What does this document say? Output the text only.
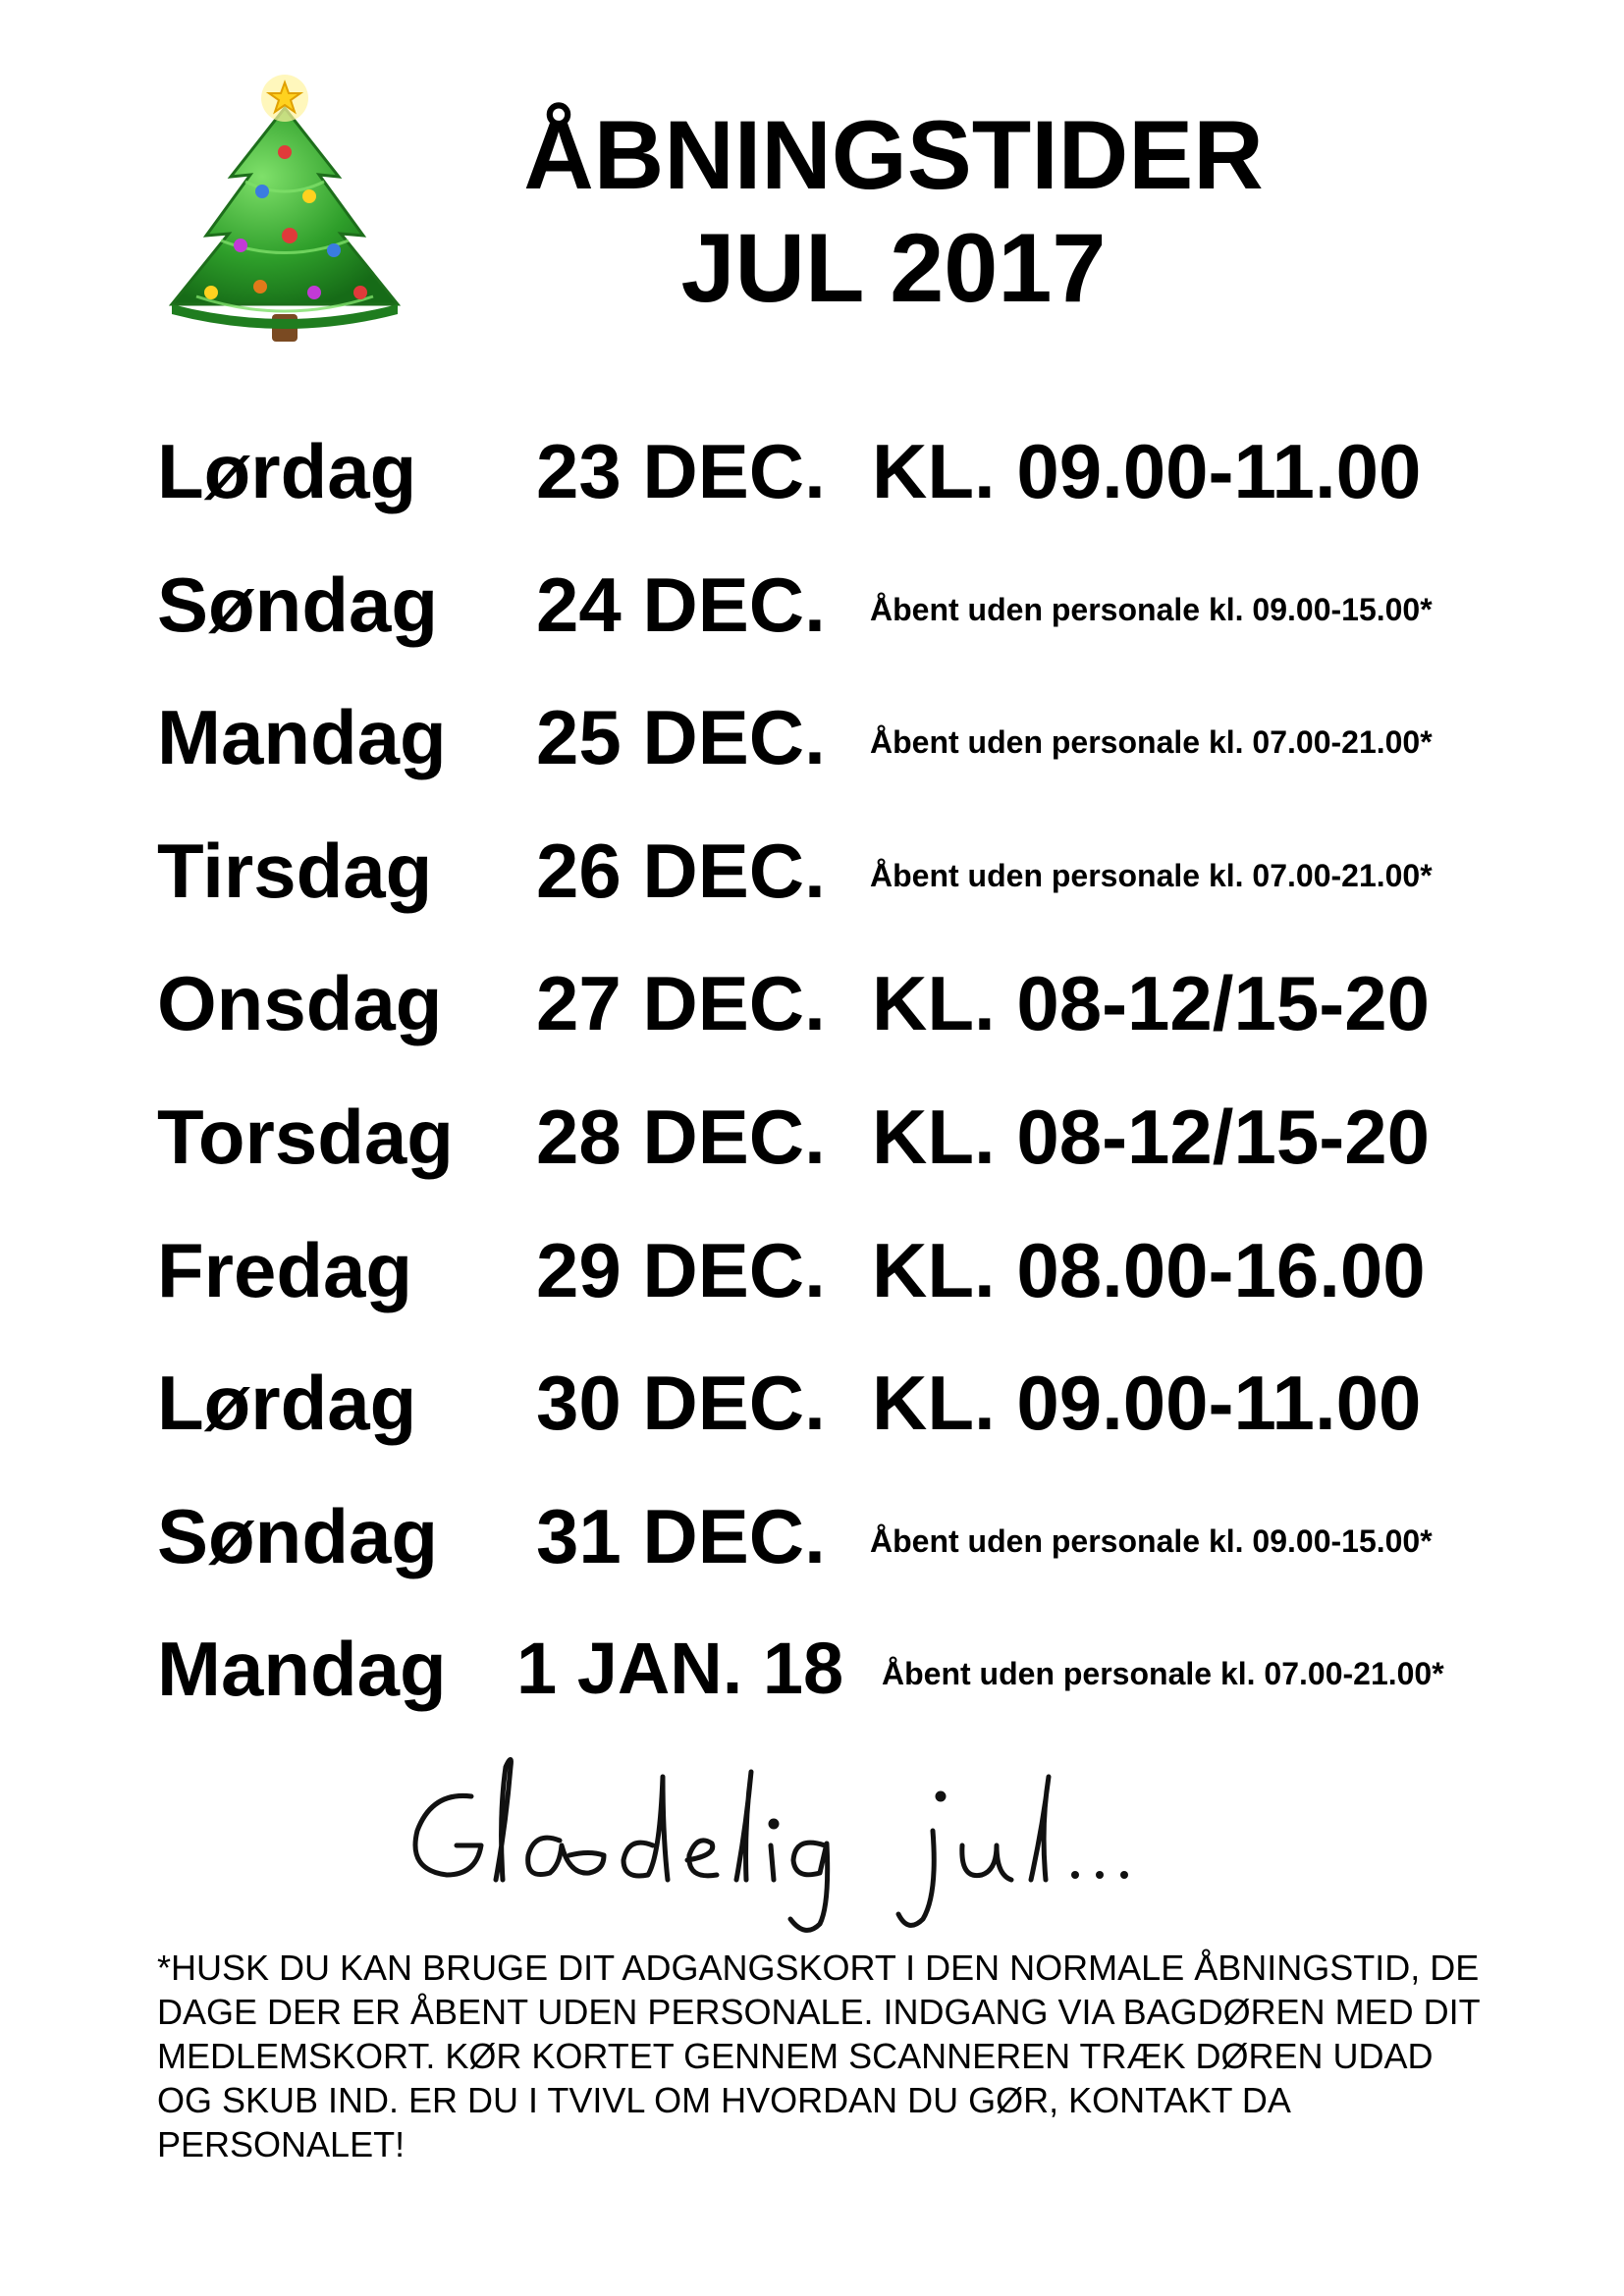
ÅBNINGSTIDER
JUL 2017
Lørdag 23 DEC. KL. 09.00-11.00
Søndag 24 DEC. Åbent uden personale kl. 09.00-15.00*
Mandag 25 DEC. Åbent uden personale kl. 07.00-21.00*
Tirsdag 26 DEC. Åbent uden personale kl. 07.00-21.00*
Onsdag 27 DEC. KL. 08-12/15-20
Torsdag 28 DEC. KL. 08-12/15-20
Fredag 29 DEC. KL. 08.00-16.00
Lørdag 30 DEC. KL. 09.00-11.00
Søndag 31 DEC. Åbent uden personale kl. 09.00-15.00*
Mandag 1 JAN. 18 Åbent uden personale kl. 07.00-21.00*
*HUSK DU KAN BRUGE DIT ADGANGSKORT I DEN NORMALE ÅBNINGSTID, DE DAGE DER ER ÅBENT UDEN PERSONALE. INDGANG VIA BAGDØREN MED DIT MEDLEMSKORT. KØR KORTET GENNEM SCANNEREN TRÆK DØREN UDAD OG SKUB IND. ER DU I TVIVL OM HVORDAN DU GØR, KONTAKT DA PERSONALET!
